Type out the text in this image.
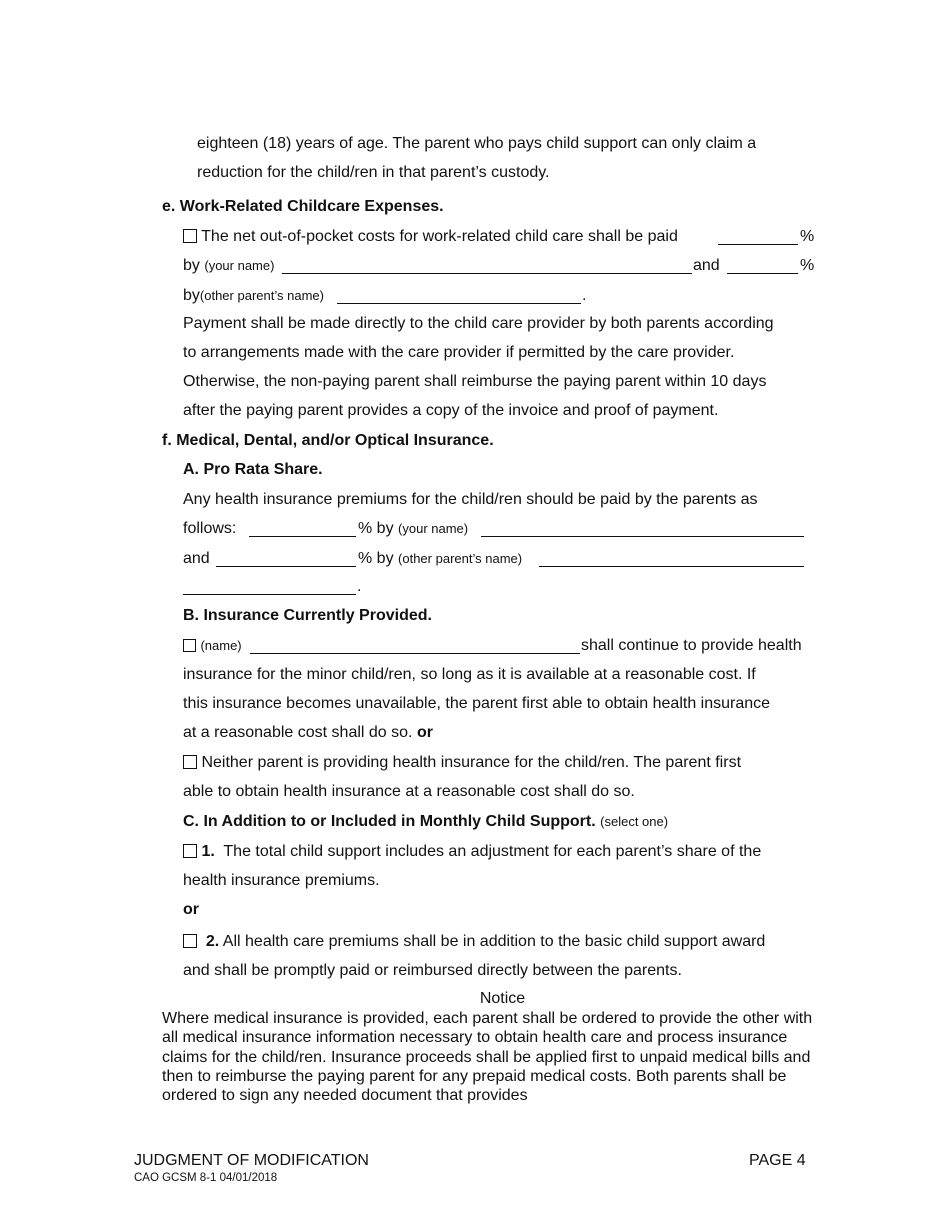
eighteen (18) years of age. The parent who pays child support can only claim a
reduction for the child/ren in that parent’s custody.
e. Work-Related Childcare Expenses.
The net out-of-pocket costs for work-related child care shall be paid	%
by (your name)	and	%
by(other parent’s name)	.
Payment shall be made directly to the child care provider by both parents according
to arrangements made with the care provider if permitted by the care provider.
Otherwise, the non-paying parent shall reimburse the paying parent within 10 days
after the paying parent provides a copy of the invoice and proof of payment.
f. Medical, Dental, and/or Optical Insurance.
A. Pro Rata Share.
Any health insurance premiums for the child/ren should be paid by the parents as
follows:	% by (your name)
and	% by (other parent’s name)
.
B. Insurance Currently Provided.
(name)	shall continue to provide health
insurance for the minor child/ren, so long as it is available at a reasonable cost. If
this insurance becomes unavailable, the parent first able to obtain health insurance
at a reasonable cost shall do so. or
Neither parent is providing health insurance for the child/ren. The parent first
able to obtain health insurance at a reasonable cost shall do so.
C. In Addition to or Included in Monthly Child Support. (select one)
1. The total child support includes an adjustment for each parent’s share of the
health insurance premiums.
or
2. All health care premiums shall be in addition to the basic child support award
and shall be promptly paid or reimbursed directly between the parents.
Notice
Where medical insurance is provided, each parent shall be ordered to provide the other with all medical insurance information necessary to obtain health care and process insurance claims for the child/ren. Insurance proceeds shall be applied first to unpaid medical bills and then to reimburse the paying parent for any prepaid medical costs. Both parents shall be ordered to sign any needed document that provides
JUDGMENT OF MODIFICATION
CAO GCSM 8-1 04/01/2018
PAGE 4
